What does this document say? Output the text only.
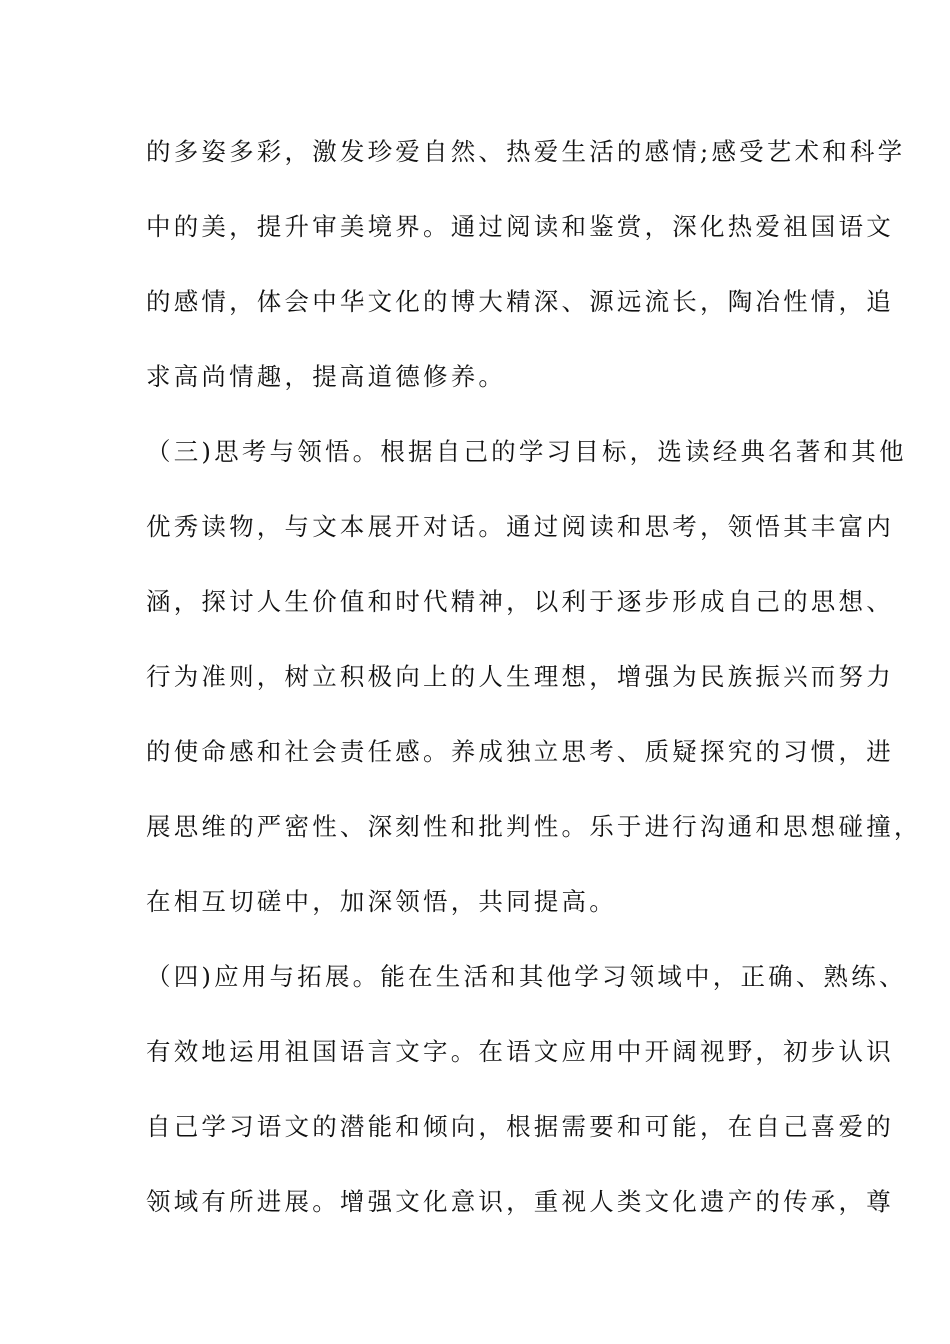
的多姿多彩，激发珍爱自然、热爱生活的感情;感受艺术和科学
中的美，提升审美境界。通过阅读和鉴赏，深化热爱祖国语文
的感情，体会中华文化的博大精深、源远流长，陶冶性情，追
求高尚情趣，提高道德修养。
（三)思考与领悟。根据自己的学习目标，选读经典名著和其他
优秀读物，与文本展开对话。通过阅读和思考，领悟其丰富内
涵，探讨人生价值和时代精神，以利于逐步形成自己的思想、
行为准则，树立积极向上的人生理想，增强为民族振兴而努力
的使命感和社会责任感。养成独立思考、质疑探究的习惯，进
展思维的严密性、深刻性和批判性。乐于进行沟通和思想碰撞，
在相互切磋中，加深领悟，共同提高。
（四)应用与拓展。能在生活和其他学习领域中，正确、熟练、
有效地运用祖国语言文字。在语文应用中开阔视野，初步认识
自己学习语文的潜能和倾向，根据需要和可能，在自己喜爱的
领域有所进展。增强文化意识，重视人类文化遗产的传承，尊
